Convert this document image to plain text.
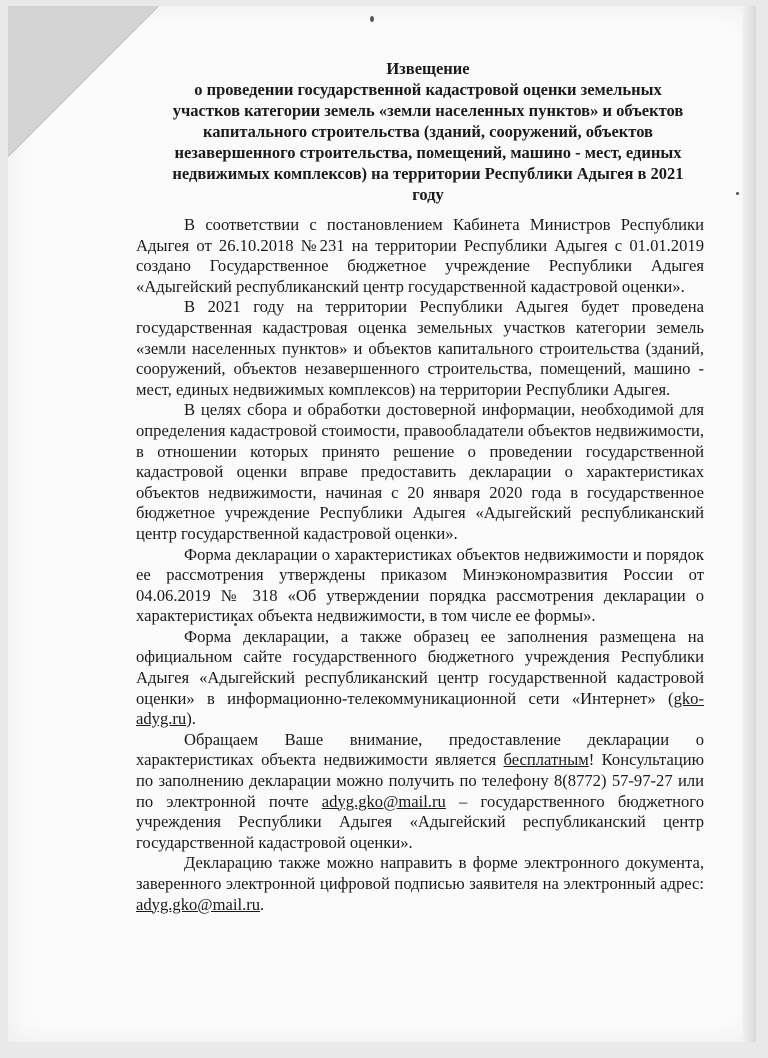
Извещение
о проведении государственной кадастровой оценки земельных
участков категории земель «земли населенных пунктов» и объектов
капитального строительства (зданий, сооружений, объектов
незавершенного строительства, помещений, машино - мест, единых
недвижимых комплексов) на территории Республики Адыгея в 2021
году

В соответствии с постановлением Кабинета Министров Республики Адыгея от 26.10.2018 №231 на территории Республики Адыгея с 01.01.2019 создано Государственное бюджетное учреждение Республики Адыгея «Адыгейский республиканский центр государственной кадастровой оценки».

В 2021 году на территории Республики Адыгея будет проведена государственная кадастровая оценка земельных участков категории земель «земли населенных пунктов» и объектов капитального строительства (зданий, сооружений, объектов незавершенного строительства, помещений, машино - мест, единых недвижимых комплексов) на территории Республики Адыгея.

В целях сбора и обработки достоверной информации, необходимой для определения кадастровой стоимости, правообладатели объектов недвижимости, в отношении которых принято решение о проведении государственной кадастровой оценки вправе предоставить декларации о характеристиках объектов недвижимости, начиная с 20 января 2020 года в государственное бюджетное учреждение Республики Адыгея «Адыгейский республиканский центр государственной кадастровой оценки».

Форма декларации о характеристиках объектов недвижимости и порядок ее рассмотрения утверждены приказом Минэкономразвития России от 04.06.2019 № 318 «Об утверждении порядка рассмотрения декларации о характеристиках объекта недвижимости, в том числе ее формы».

Форма декларации, а также образец ее заполнения размещена на официальном сайте государственного бюджетного учреждения Республики Адыгея «Адыгейский республиканский центр государственной кадастровой оценки» в информационно-телекоммуникационной сети «Интернет» (gko-adyg.ru).

Обращаем Ваше внимание, предоставление декларации о характеристиках объекта недвижимости является бесплатным! Консультацию по заполнению декларации можно получить по телефону 8(8772) 57-97-27 или по электронной почте adyg.gko@mail.ru – государственного бюджетного учреждения Республики Адыгея «Адыгейский республиканский центр государственной кадастровой оценки».

Декларацию также можно направить в форме электронного документа, заверенного электронной цифровой подписью заявителя на электронный адрес: adyg.gko@mail.ru.
